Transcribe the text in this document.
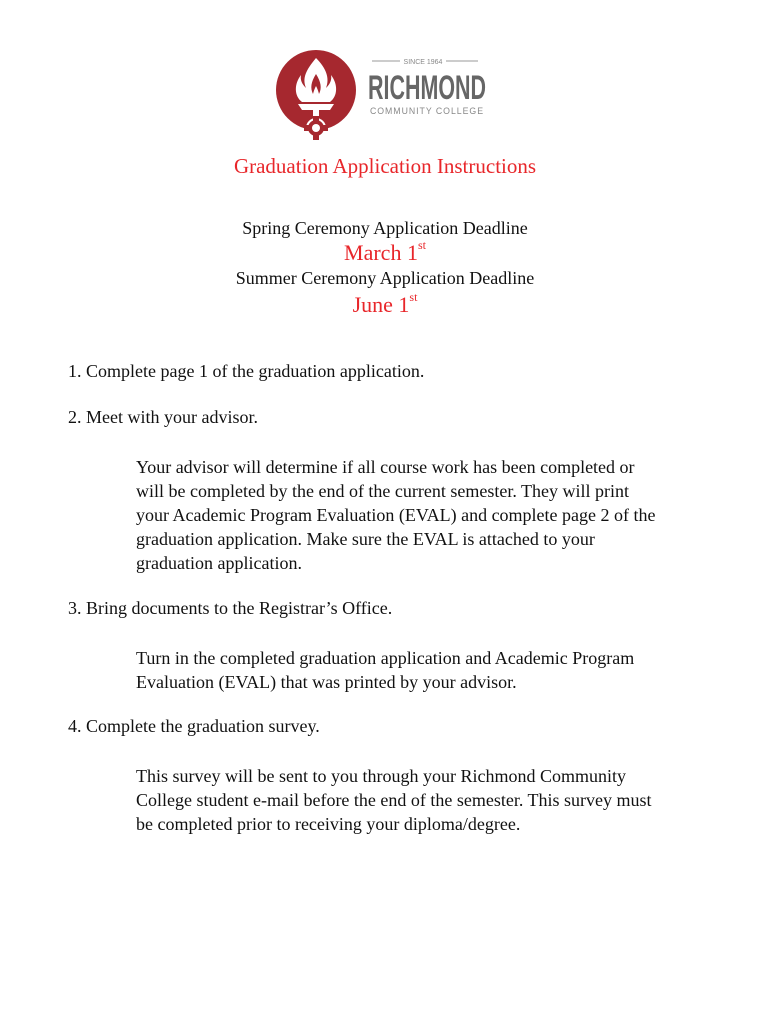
SINCE 1964
RICHMOND
COMMUNITY COLLEGE
Graduation Application Instructions
Spring Ceremony Application Deadline
March 1st
Summer Ceremony Application Deadline
June 1st
1. Complete page 1 of the graduation application.
2. Meet with your advisor.
Your advisor will determine if all course work has been completed or
will be completed by the end of the current semester. They will print
your Academic Program Evaluation (EVAL) and complete page 2 of the
graduation application. Make sure the EVAL is attached to your
graduation application.
3. Bring documents to the Registrar’s Office.
Turn in the completed graduation application and Academic Program
Evaluation (EVAL) that was printed by your advisor.
4. Complete the graduation survey.
This survey will be sent to you through your Richmond Community
College student e-mail before the end of the semester. This survey must
be completed prior to receiving your diploma/degree.
